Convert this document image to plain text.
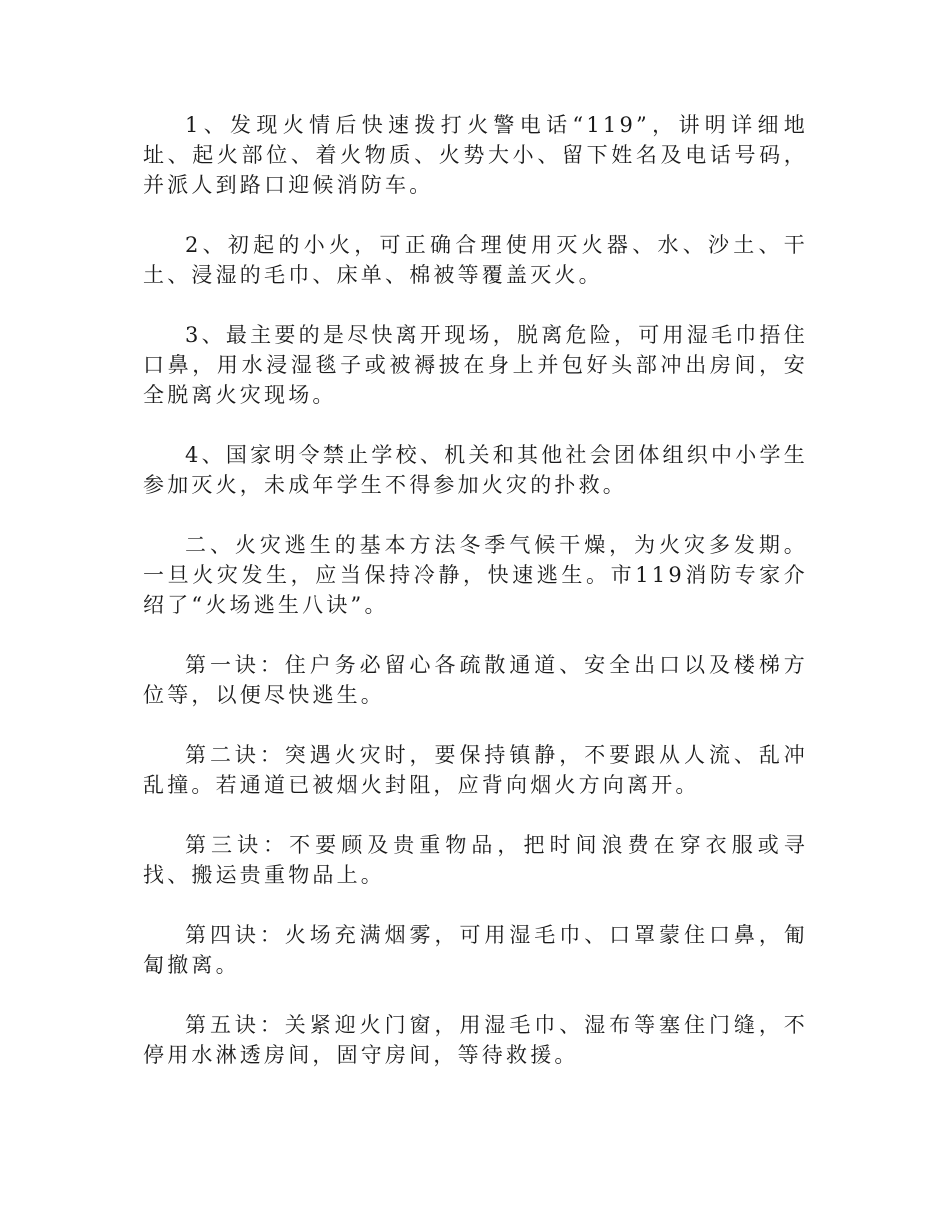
1、发现火情后快速拨打火警电话“119”，讲明详细地址、起火部位、着火物质、火势大小、留下姓名及电话号码，并派人到路口迎候消防车。

2、初起的小火，可正确合理使用灭火器、水、沙土、干土、浸湿的毛巾、床单、棉被等覆盖灭火。

3、最主要的是尽快离开现场，脱离危险，可用湿毛巾捂住口鼻，用水浸湿毯子或被褥披在身上并包好头部冲出房间，安全脱离火灾现场。

4、国家明令禁止学校、机关和其他社会团体组织中小学生参加灭火，未成年学生不得参加火灾的扑救。

二、火灾逃生的基本方法冬季气候干燥，为火灾多发期。一旦火灾发生，应当保持冷静，快速逃生。市119消防专家介绍了“火场逃生八诀”。

第一诀：住户务必留心各疏散通道、安全出口以及楼梯方位等，以便尽快逃生。

第二诀：突遇火灾时，要保持镇静，不要跟从人流、乱冲乱撞。若通道已被烟火封阻，应背向烟火方向离开。

第三诀：不要顾及贵重物品，把时间浪费在穿衣服或寻找、搬运贵重物品上。

第四诀：火场充满烟雾，可用湿毛巾、口罩蒙住口鼻，匍匐撤离。

第五诀：关紧迎火门窗，用湿毛巾、湿布等塞住门缝，不停用水淋透房间，固守房间，等待救援。
